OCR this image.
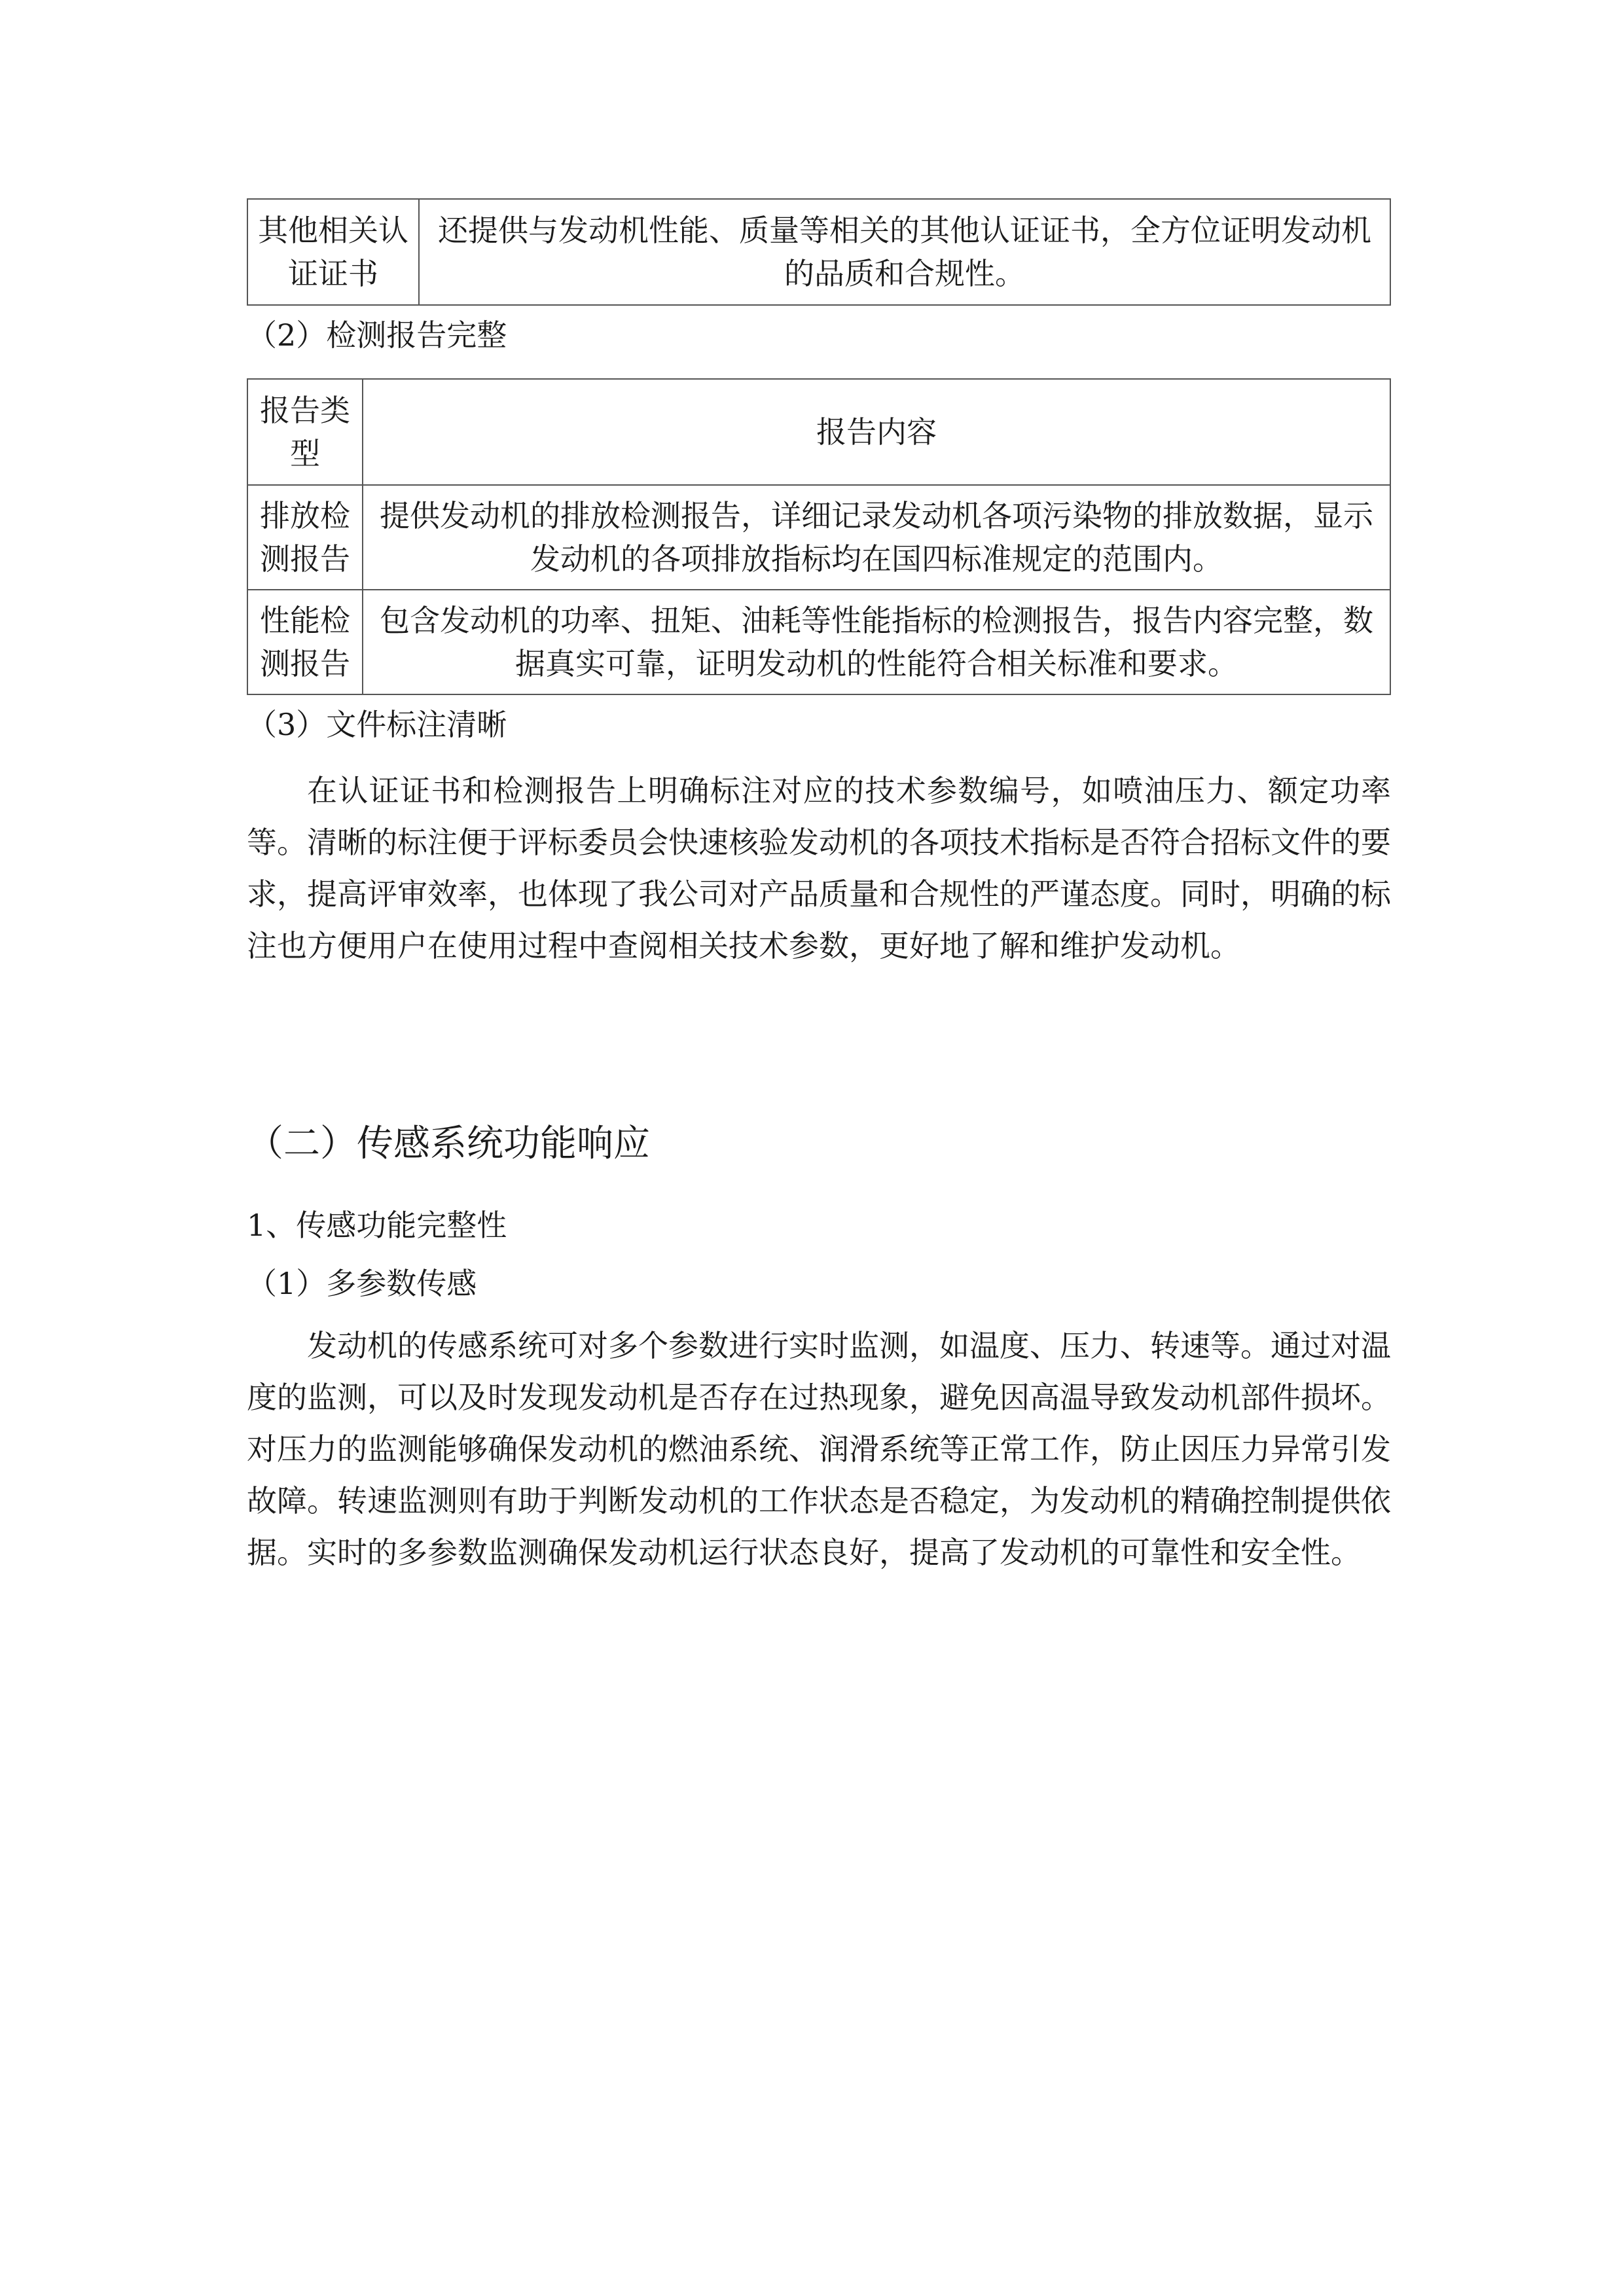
其他相关认证证书	还提供与发动机性能、质量等相关的其他认证证书，全方位证明发动机的品质和合规性。
（2）检测报告完整
报告类型	报告内容
排放检测报告	提供发动机的排放检测报告，详细记录发动机各项污染物的排放数据，显示发动机的各项排放指标均在国四标准规定的范围内。
性能检测报告	包含发动机的功率、扭矩、油耗等性能指标的检测报告，报告内容完整，数据真实可靠，证明发动机的性能符合相关标准和要求。
（3）文件标注清晰
在认证证书和检测报告上明确标注对应的技术参数编号，如喷油压力、额定功率等。清晰的标注便于评标委员会快速核验发动机的各项技术指标是否符合招标文件的要求，提高评审效率，也体现了我公司对产品质量和合规性的严谨态度。同时，明确的标注也方便用户在使用过程中查阅相关技术参数，更好地了解和维护发动机。
（二）传感系统功能响应
1、传感功能完整性
（1）多参数传感
发动机的传感系统可对多个参数进行实时监测，如温度、压力、转速等。通过对温度的监测，可以及时发现发动机是否存在过热现象，避免因高温导致发动机部件损坏。对压力的监测能够确保发动机的燃油系统、润滑系统等正常工作，防止因压力异常引发故障。转速监测则有助于判断发动机的工作状态是否稳定，为发动机的精确控制提供依据。实时的多参数监测确保发动机运行状态良好，提高了发动机的可靠性和安全性。
